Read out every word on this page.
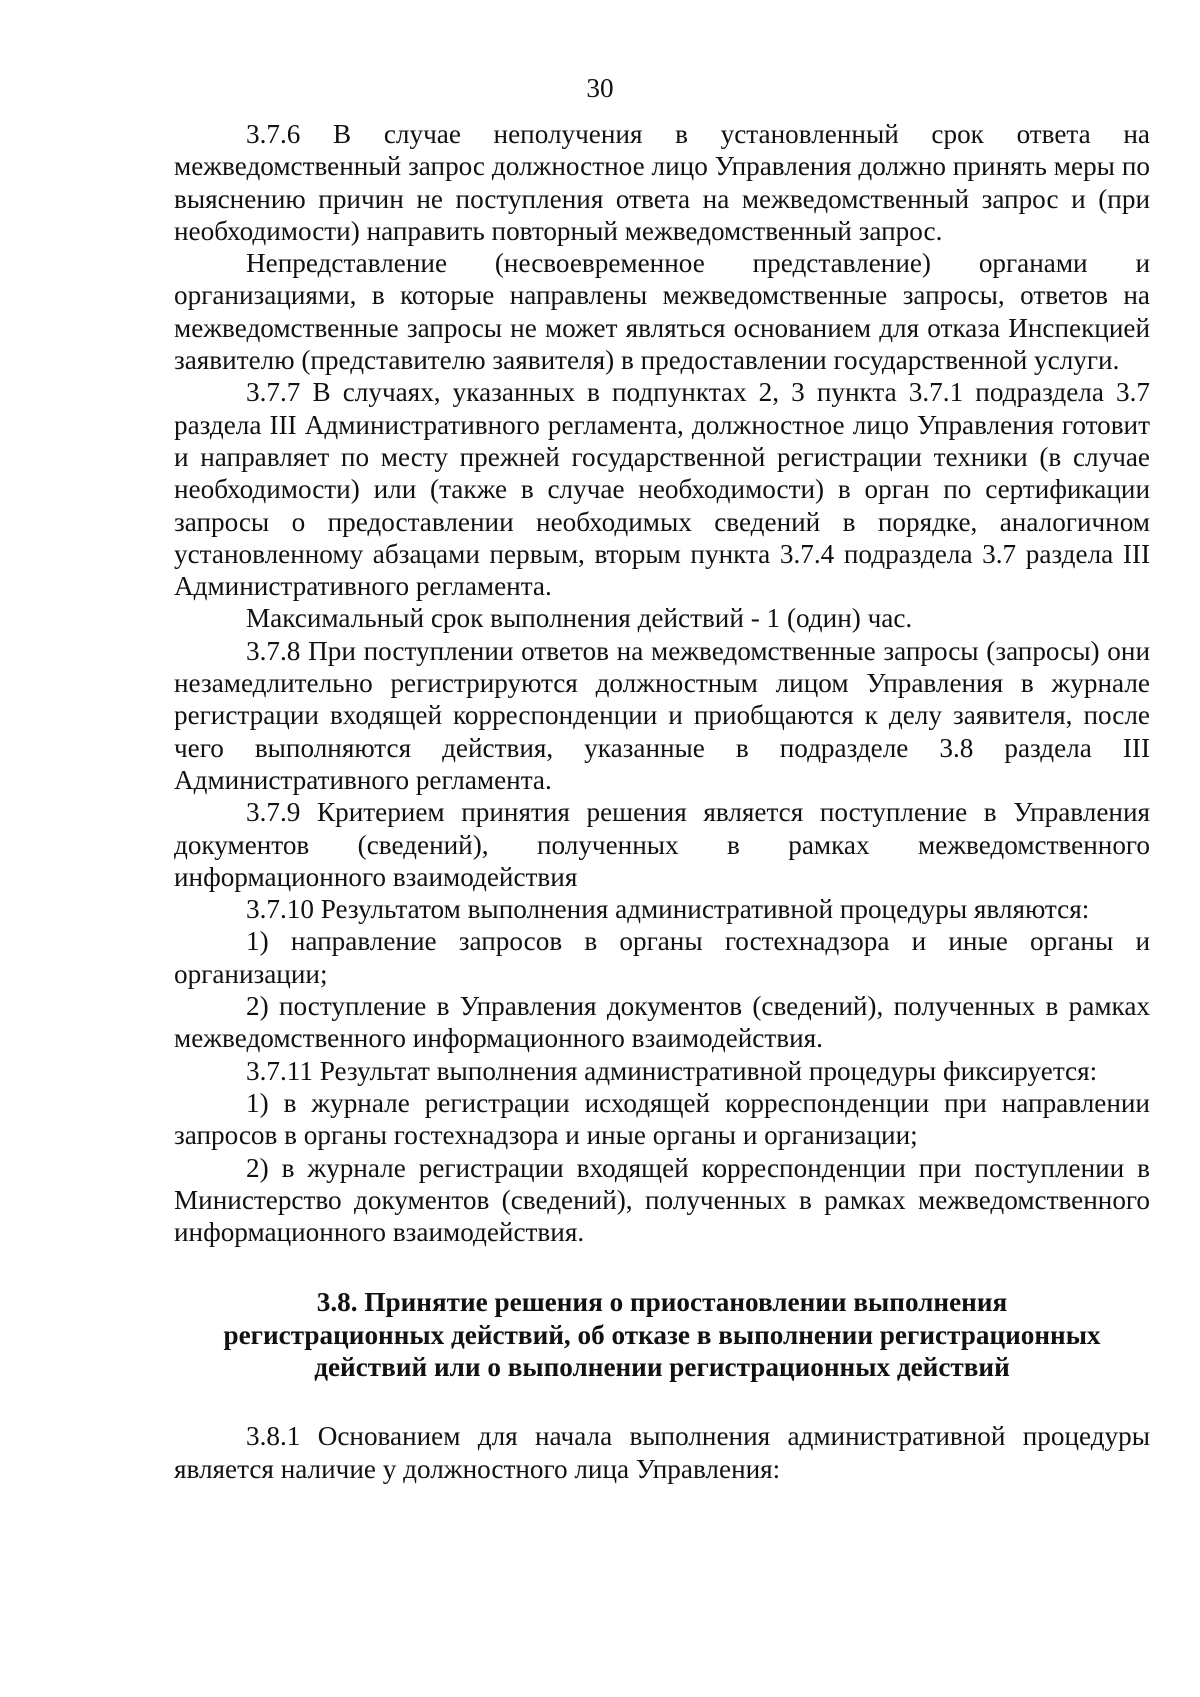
30

3.7.6 В случае неполучения в установленный срок ответа на межведомственный запрос должностное лицо Управления должно принять меры по выяснению причин не поступления ответа на межведомственный запрос и (при необходимости) направить повторный межведомственный запрос.

Непредставление (несвоевременное представление) органами и организациями, в которые направлены межведомственные запросы, ответов на межведомственные запросы не может являться основанием для отказа Инспекцией заявителю (представителю заявителя) в предоставлении государственной услуги.

3.7.7 В случаях, указанных в подпунктах 2, 3 пункта 3.7.1 подраздела 3.7 раздела III Административного регламента, должностное лицо Управления готовит и направляет по месту прежней государственной регистрации техники (в случае необходимости) или (также в случае необходимости) в орган по сертификации запросы о предоставлении необходимых сведений в порядке, аналогичном установленному абзацами первым, вторым пункта 3.7.4 подраздела 3.7 раздела III Административного регламента.

Максимальный срок выполнения действий - 1 (один) час.

3.7.8 При поступлении ответов на межведомственные запросы (запросы) они незамедлительно регистрируются должностным лицом Управления в журнале регистрации входящей корреспонденции и приобщаются к делу заявителя, после чего выполняются действия, указанные в подразделе 3.8 раздела III Административного регламента.

3.7.9 Критерием принятия решения является поступление в Управления документов (сведений), полученных в рамках межведомственного информационного взаимодействия

3.7.10 Результатом выполнения административной процедуры являются:

1) направление запросов в органы гостехнадзора и иные органы и организации;

2) поступление в Управления документов (сведений), полученных в рамках межведомственного информационного взаимодействия.

3.7.11 Результат выполнения административной процедуры фиксируется:

1) в журнале регистрации исходящей корреспонденции при направлении запросов в органы гостехнадзора и иные органы и организации;

2) в журнале регистрации входящей корреспонденции при поступлении в Министерство документов (сведений), полученных в рамках межведомственного информационного взаимодействия.

3.8. Принятие решения о приостановлении выполнения регистрационных действий, об отказе в выполнении регистрационных действий или о выполнении регистрационных действий

3.8.1 Основанием для начала выполнения административной процедуры является наличие у должностного лица Управления:
